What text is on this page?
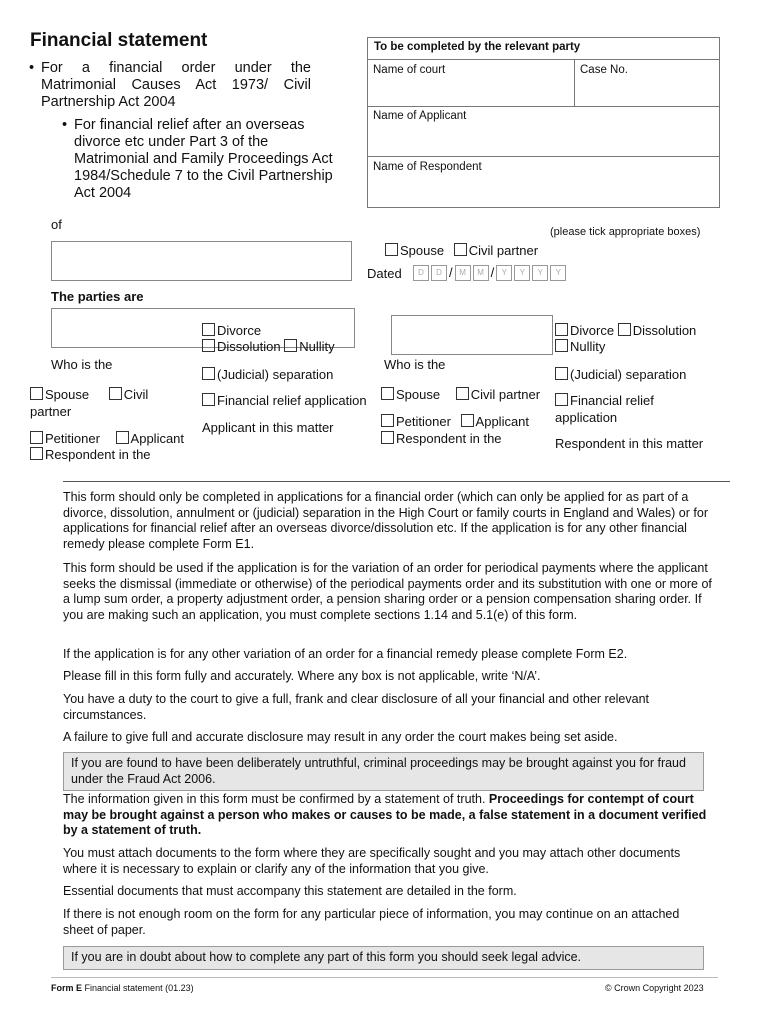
Financial statement
• For a financial order under the Matrimonial Causes Act 1973/ Civil Partnership Act 2004
• For financial relief after an overseas divorce etc under Part 3 of the Matrimonial and Family Proceedings Act 1984/Schedule 7 to the Civil Partnership Act 2004
To be completed by the relevant party
Name of court	Case No.
Name of Applicant
Name of Respondent
of	(please tick appropriate boxes)
Spouse Civil partner
Dated	D D / M M / Y Y Y Y
The parties are
Divorce
Dissolution Nullity
(Judicial) separation
Financial relief application
Applicant in this matter
Who is the
Spouse	Civil
partner
Petitioner Applicant
Respondent in the
Who is the
Spouse Civil partner
Petitioner Applicant
Respondent in the
Divorce Dissolution
Nullity
(Judicial) separation
Financial relief
application
Respondent in this matter
This form should only be completed in applications for a financial order (which can only be applied for as part of a divorce, dissolution, annulment or (judicial) separation in the High Court or family courts in England and Wales) or for applications for financial relief after an overseas divorce/dissolution etc. If the application is for any other financial remedy please complete Form E1.
This form should be used if the application is for the variation of an order for periodical payments where the applicant seeks the dismissal (immediate or otherwise) of the periodical payments order and its substitution with one or more of a lump sum order, a property adjustment order, a pension sharing order or a pension compensation sharing order. If you are making such an application, you must complete sections 1.14 and 5.1(e) of this form.
If the application is for any other variation of an order for a financial remedy please complete Form E2.
Please fill in this form fully and accurately. Where any box is not applicable, write ‘N/A’.
You have a duty to the court to give a full, frank and clear disclosure of all your financial and other relevant circumstances.
A failure to give full and accurate disclosure may result in any order the court makes being set aside.
If you are found to have been deliberately untruthful, criminal proceedings may be brought against you for fraud under the Fraud Act 2006.
The information given in this form must be confirmed by a statement of truth. Proceedings for contempt of court may be brought against a person who makes or causes to be made, a false statement in a document verified by a statement of truth.
You must attach documents to the form where they are specifically sought and you may attach other documents where it is necessary to explain or clarify any of the information that you give.
Essential documents that must accompany this statement are detailed in the form.
If there is not enough room on the form for any particular piece of information, you may continue on an attached sheet of paper.
If you are in doubt about how to complete any part of this form you should seek legal advice.
Form E Financial statement (01.23)	© Crown Copyright 2023
